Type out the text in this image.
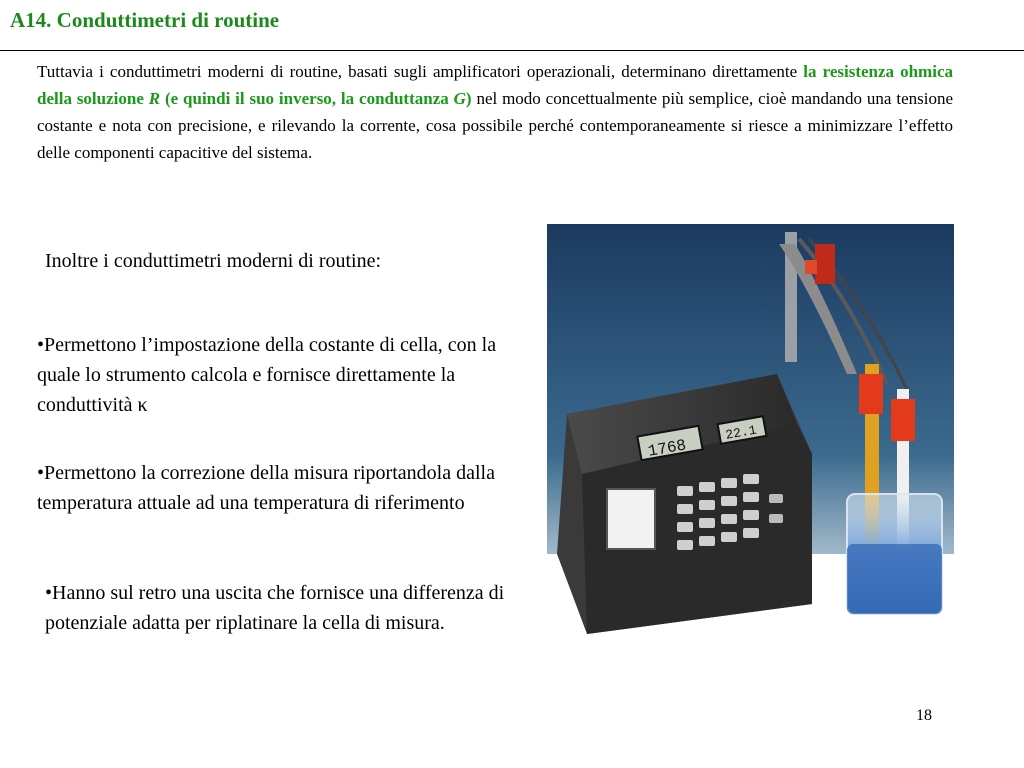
A14. Conduttimetri di routine
Tuttavia i conduttimetri moderni di routine, basati sugli amplificatori operazionali, determinano direttamente la resistenza ohmica della soluzione R (e quindi il suo inverso, la conduttanza G) nel modo concettualmente più semplice, cioè mandando una tensione costante e nota con precisione, e rilevando la corrente, cosa possibile perché contemporaneamente si riesce a minimizzare l’effetto delle componenti capacitive del sistema.
Inoltre i conduttimetri moderni di routine:
•Permettono l’impostazione della costante di cella, con la quale lo strumento calcola e fornisce direttamente la conduttività κ
•Permettono la correzione della misura riportandola dalla temperatura attuale ad una temperatura di riferimento
•Hanno sul retro una uscita che fornisce una differenza di potenziale adatta per riplatinare la cella di misura.
1768
22.1
18
